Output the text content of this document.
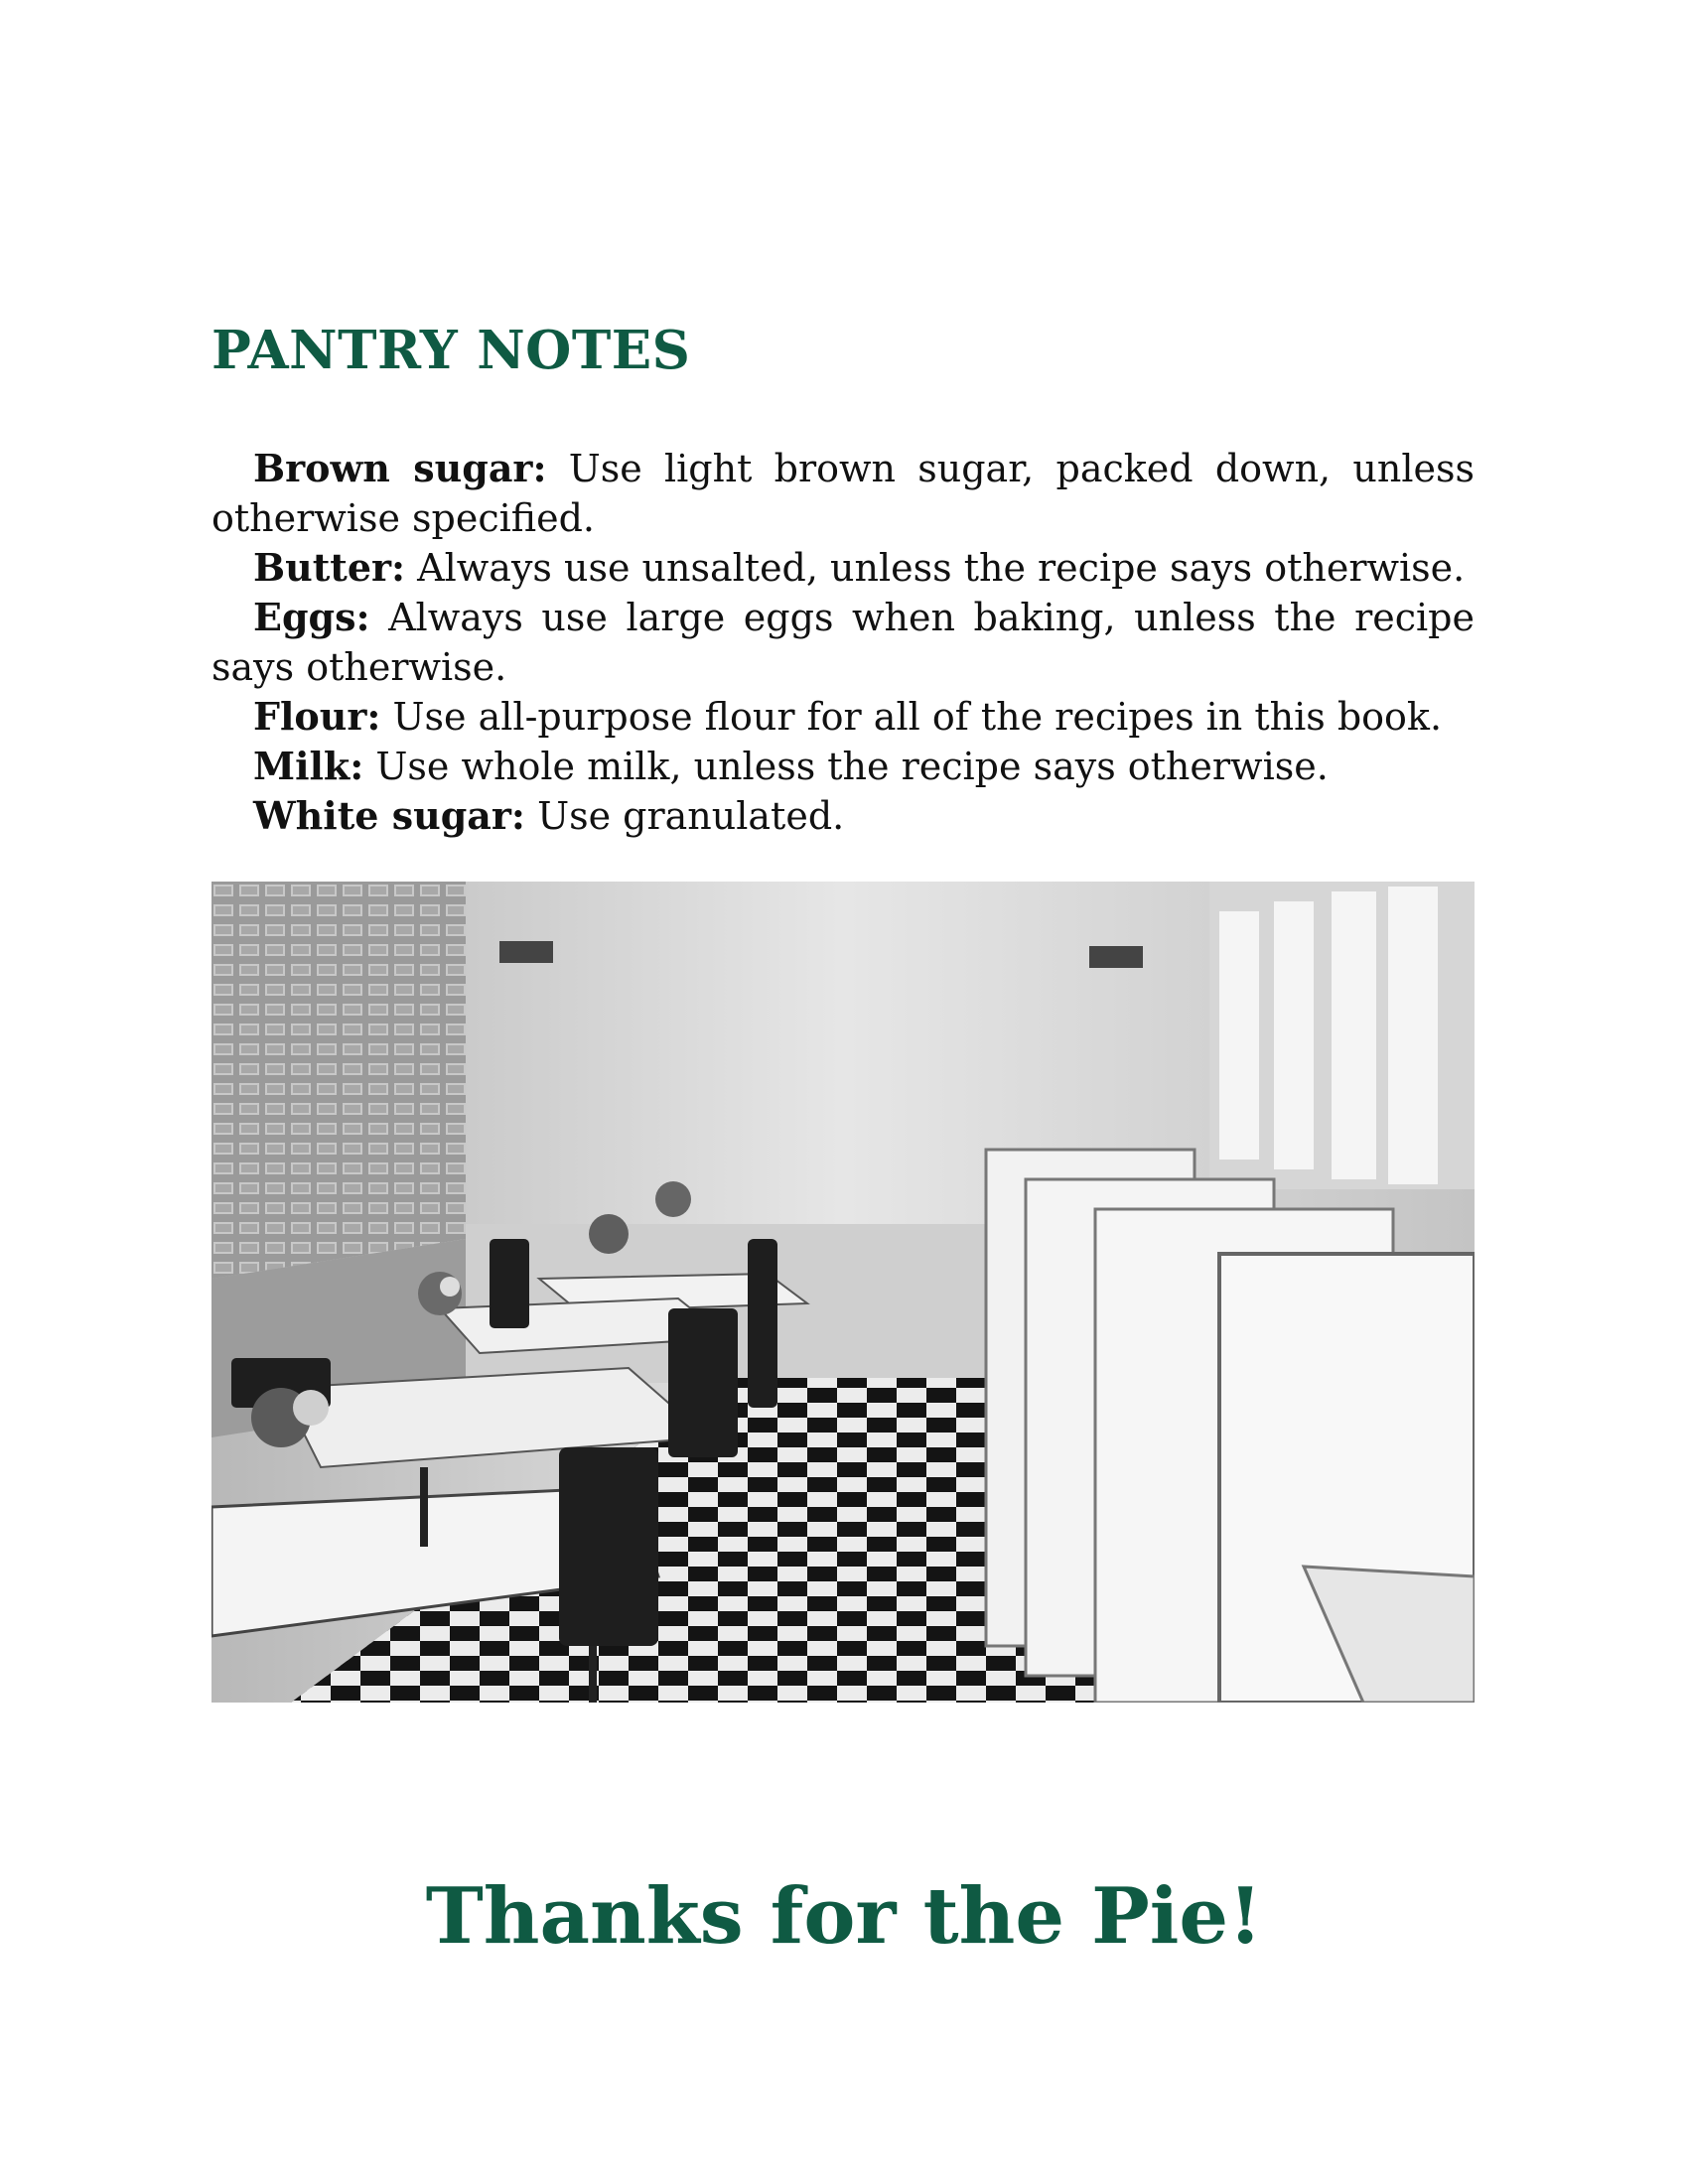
PANTRY NOTES

Brown sugar: Use light brown sugar, packed down, unless otherwise specified.

Butter: Always use unsalted, unless the recipe says otherwise.

Eggs: Always use large eggs when baking, unless the recipe says otherwise.

Flour: Use all-purpose flour for all of the recipes in this book.

Milk: Use whole milk, unless the recipe says otherwise.

White sugar: Use granulated.

Thanks for the Pie!
